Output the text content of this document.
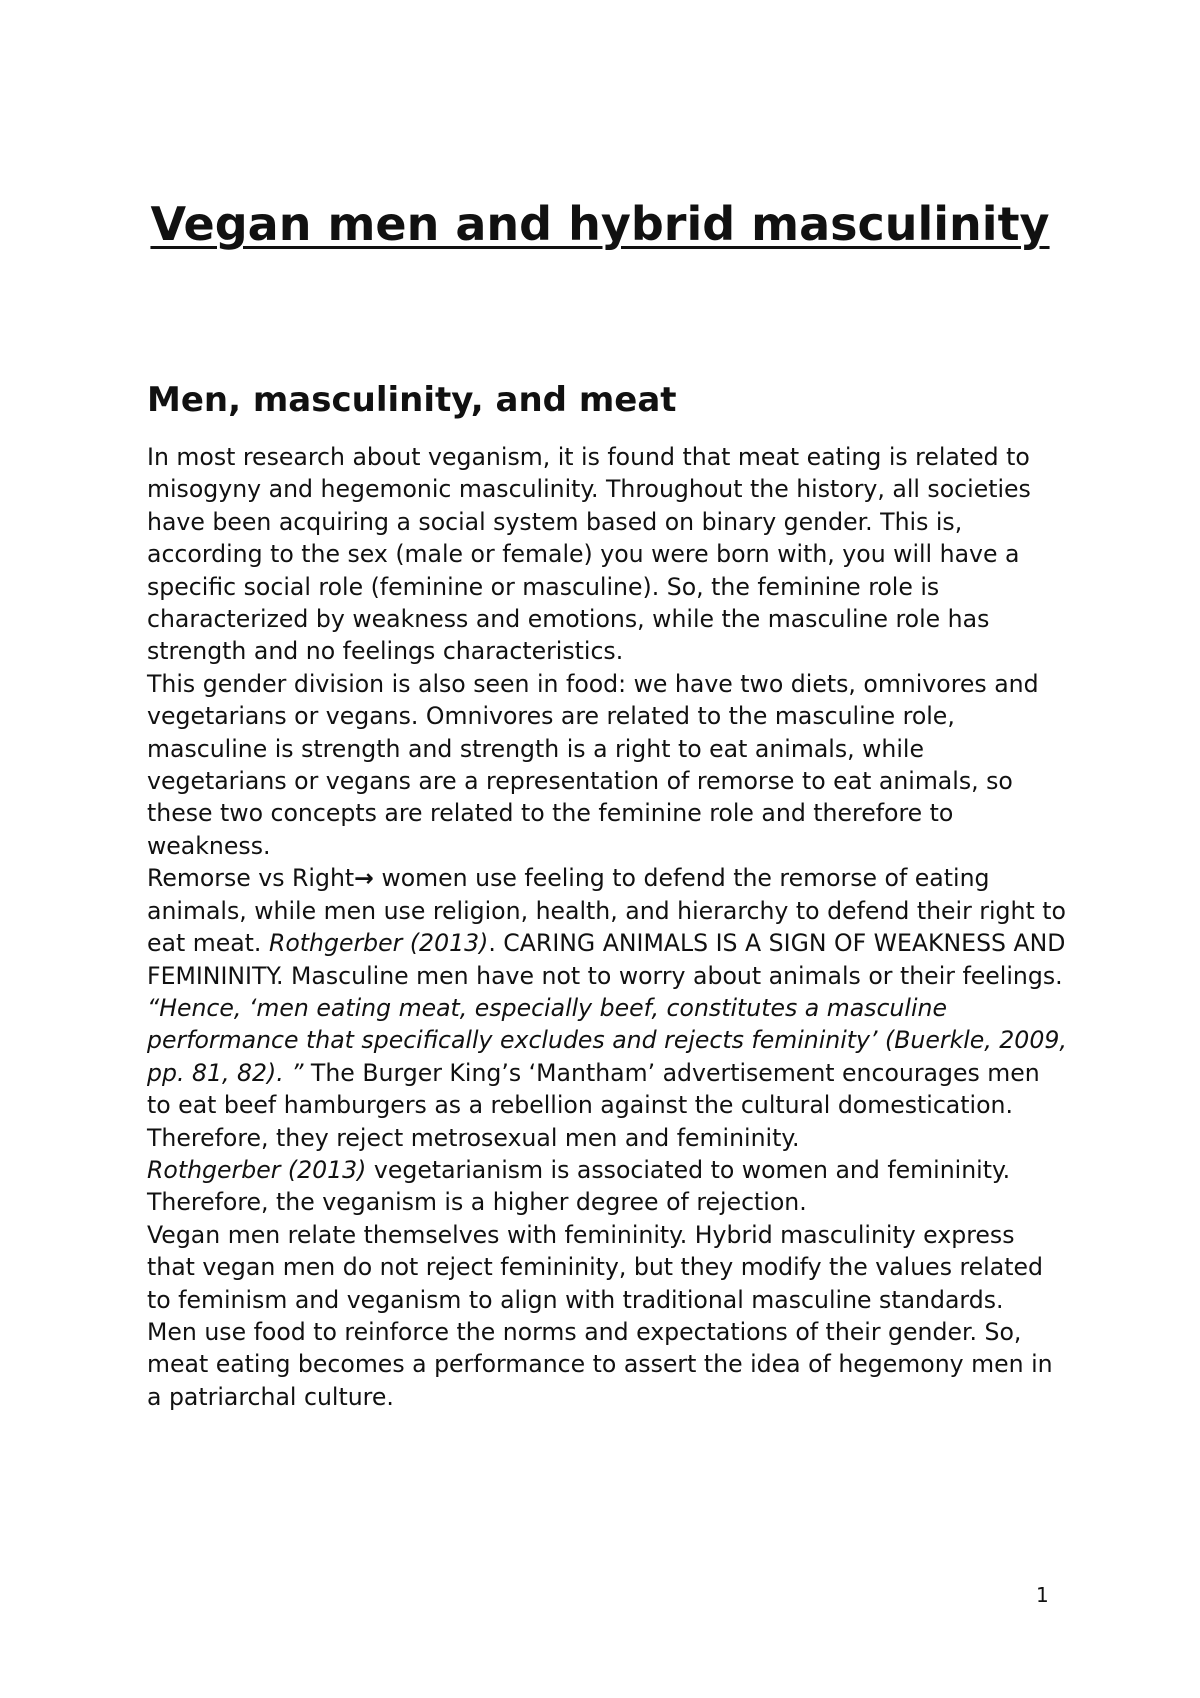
Vegan men and hybrid masculinity
Men, masculinity, and meat

In most research about veganism, it is found that meat eating is related to misogyny and hegemonic masculinity. Throughout the history, all societies have been acquiring a social system based on binary gender. This is, according to the sex (male or female) you were born with, you will have a specific social role (feminine or masculine). So, the feminine role is characterized by weakness and emotions, while the masculine role has strength and no feelings characteristics.

This gender division is also seen in food: we have two diets, omnivores and vegetarians or vegans. Omnivores are related to the masculine role, masculine is strength and strength is a right to eat animals, while vegetarians or vegans are a representation of remorse to eat animals, so these two concepts are related to the feminine role and therefore to weakness.

Remorse vs Right→ women use feeling to defend the remorse of eating animals, while men use religion, health, and hierarchy to defend their right to eat meat. Rothgerber (2013). CARING ANIMALS IS A SIGN OF WEAKNESS AND FEMININITY. Masculine men have not to worry about animals or their feelings.

“Hence, ‘men eating meat, especially beef, constitutes a masculine performance that specifically excludes and rejects femininity’ (Buerkle, 2009, pp. 81, 82). ” The Burger King’s ‘Mantham’ advertisement encourages men to eat beef hamburgers as a rebellion against the cultural domestication. Therefore, they reject metrosexual men and femininity.

Rothgerber (2013) vegetarianism is associated to women and femininity. Therefore, the veganism is a higher degree of rejection.

Vegan men relate themselves with femininity. Hybrid masculinity express that vegan men do not reject femininity, but they modify the values related to feminism and veganism to align with traditional masculine standards.

Men use food to reinforce the norms and expectations of their gender. So, meat eating becomes a performance to assert the idea of hegemony men in a patriarchal culture.

1
